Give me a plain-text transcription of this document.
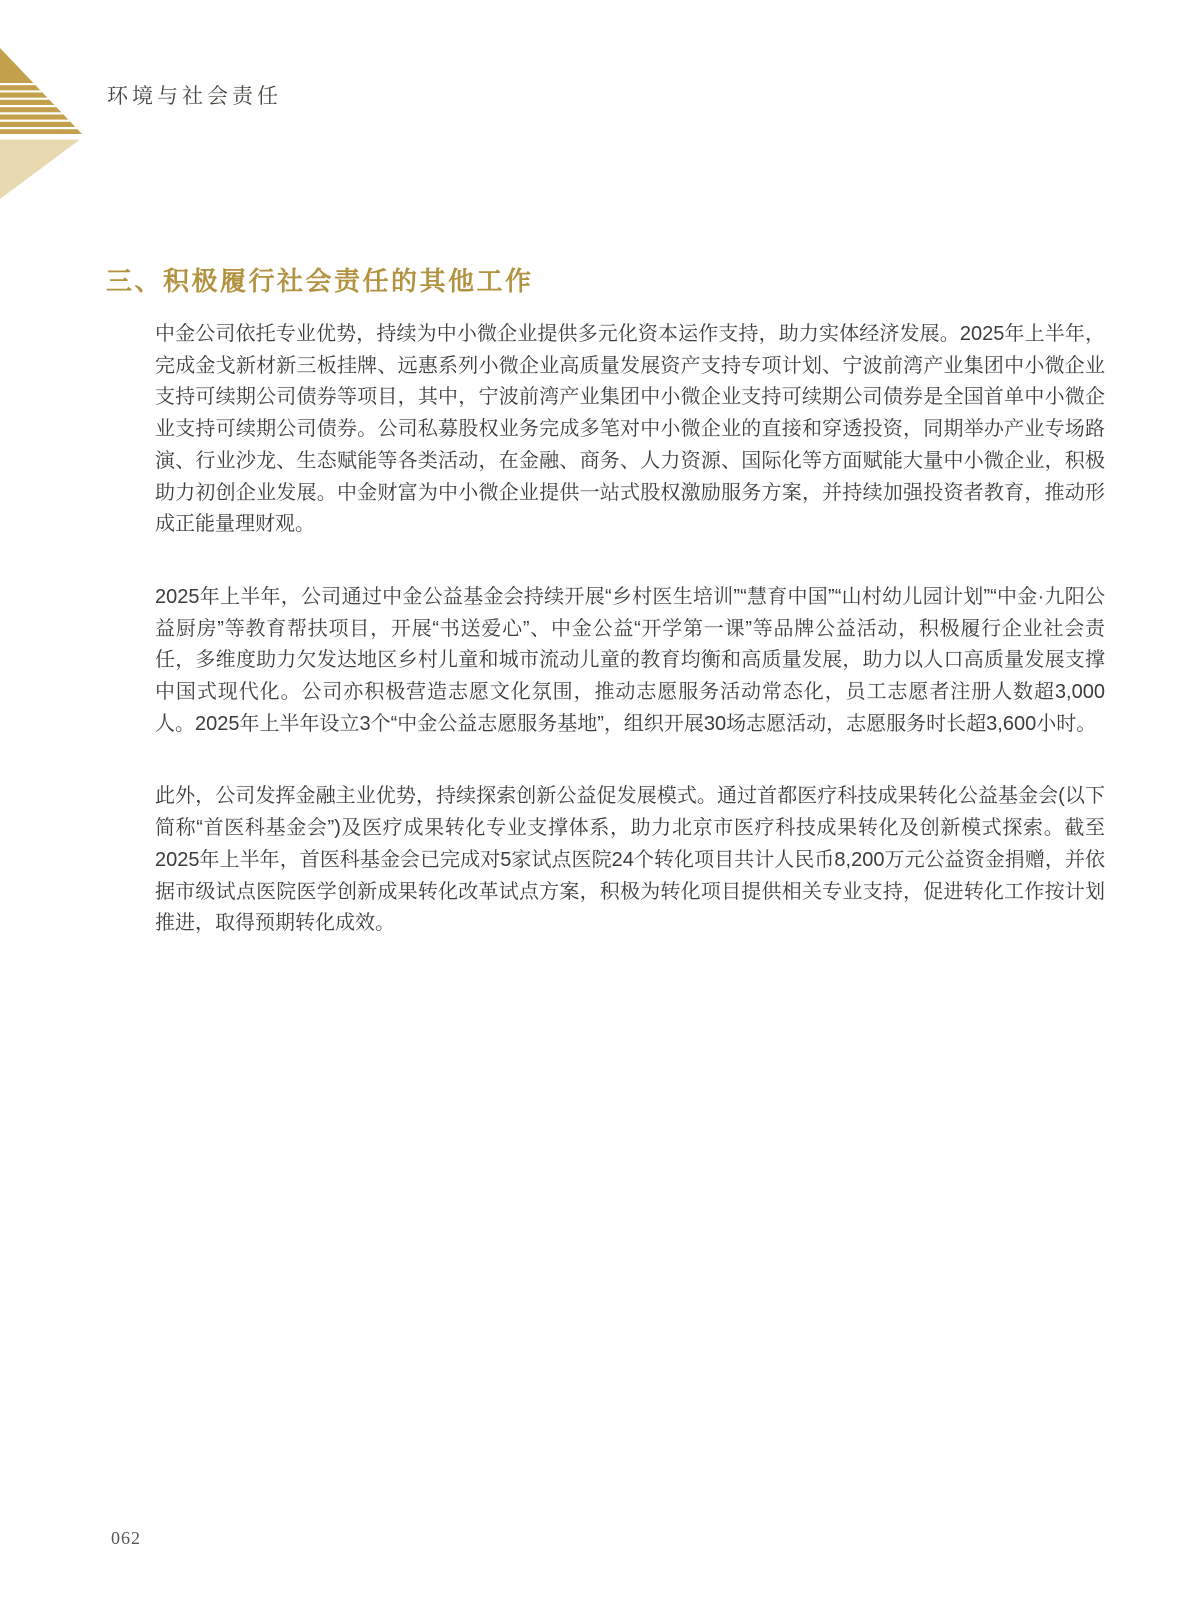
环境与社会责任
三、积极履行社会责任的其他工作

中金公司依托专业优势，持续为中小微企业提供多元化资本运作支持，助力实体经济发展。2025年上半年，完成金戈新材新三板挂牌、远惠系列小微企业高质量发展资产支持专项计划、宁波前湾产业集团中小微企业支持可续期公司债券等项目，其中，宁波前湾产业集团中小微企业支持可续期公司债券是全国首单中小微企业支持可续期公司债券。公司私募股权业务完成多笔对中小微企业的直接和穿透投资，同期举办产业专场路演、行业沙龙、生态赋能等各类活动，在金融、商务、人力资源、国际化等方面赋能大量中小微企业，积极助力初创企业发展。中金财富为中小微企业提供一站式股权激励服务方案，并持续加强投资者教育，推动形成正能量理财观。

2025年上半年，公司通过中金公益基金会持续开展“乡村医生培训”“慧育中国”“山村幼儿园计划”“中金·九阳公益厨房”等教育帮扶项目，开展“书送爱心”、中金公益“开学第一课”等品牌公益活动，积极履行企业社会责任，多维度助力欠发达地区乡村儿童和城市流动儿童的教育均衡和高质量发展，助力以人口高质量发展支撑中国式现代化。公司亦积极营造志愿文化氛围，推动志愿服务活动常态化，员工志愿者注册人数超3,000人。2025年上半年设立3个“中金公益志愿服务基地”，组织开展30场志愿活动，志愿服务时长超3,600小时。

此外，公司发挥金融主业优势，持续探索创新公益促发展模式。通过首都医疗科技成果转化公益基金会(以下简称“首医科基金会”)及医疗成果转化专业支撑体系，助力北京市医疗科技成果转化及创新模式探索。截至2025年上半年，首医科基金会已完成对5家试点医院24个转化项目共计人民币8,200万元公益资金捐赠，并依据市级试点医院医学创新成果转化改革试点方案，积极为转化项目提供相关专业支持，促进转化工作按计划推进，取得预期转化成效。

062
